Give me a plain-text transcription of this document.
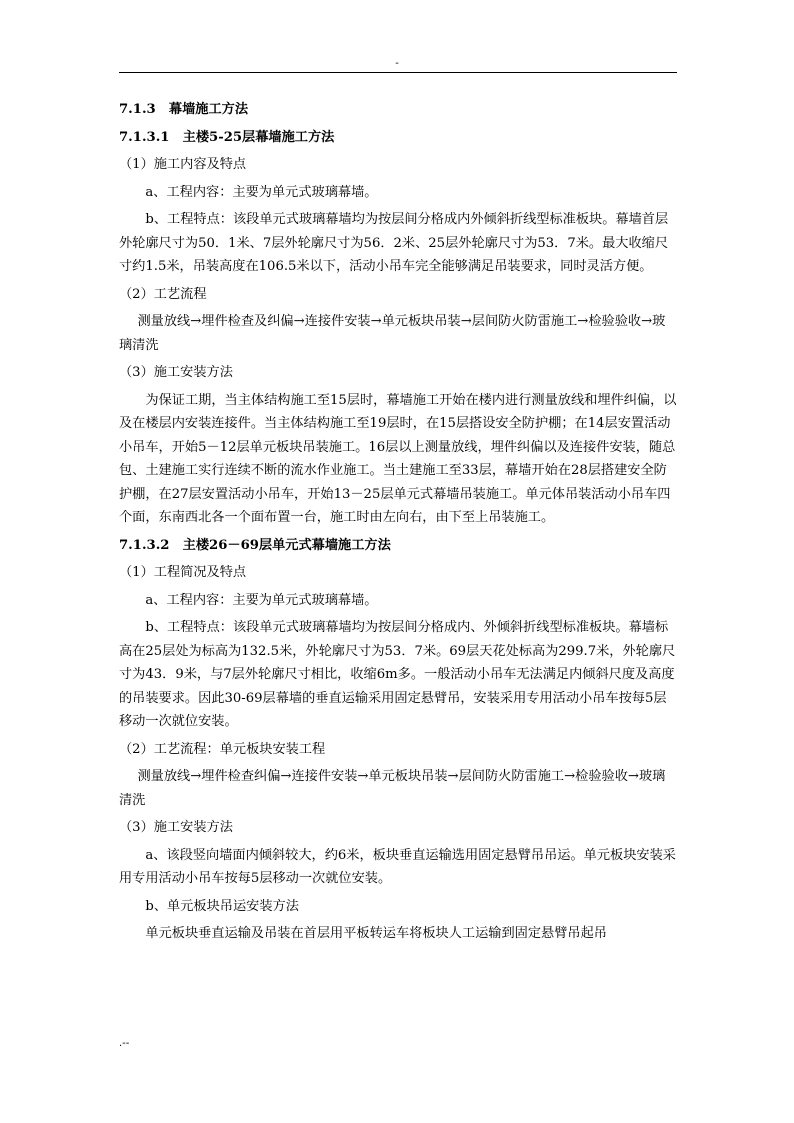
-

7.1.3　幕墙施工方法

7.1.3.1　主楼5-25层幕墙施工方法

（1）施工内容及特点

a、工程内容：主要为单元式玻璃幕墙。

b、工程特点：该段单元式玻璃幕墙均为按层间分格成内外倾斜折线型标准板块。幕墙首层外轮廓尺寸为50．1米、7层外轮廓尺寸为56．2米、25层外轮廓尺寸为53．7米。最大收缩尺寸约1.5米，吊装高度在106.5米以下，活动小吊车完全能够满足吊装要求，同时灵活方便。

（2）工艺流程

测量放线→埋件检查及纠偏→连接件安装→单元板块吊装→层间防火防雷施工→检验验收→玻璃清洗

（3）施工安装方法

为保证工期，当主体结构施工至15层时，幕墙施工开始在楼内进行测量放线和埋件纠偏，以及在楼层内安装连接件。当主体结构施工至19层时，在15层搭设安全防护棚；在14层安置活动小吊车，开始5－12层单元板块吊装施工。16层以上测量放线，埋件纠偏以及连接件安装，随总包、土建施工实行连续不断的流水作业施工。当土建施工至33层，幕墙开始在28层搭建安全防护棚，在27层安置活动小吊车，开始13－25层单元式幕墙吊装施工。单元体吊装活动小吊车四个面，东南西北各一个面布置一台，施工时由左向右，由下至上吊装施工。

7.1.3.2　主楼26－69层单元式幕墙施工方法

（1）工程简况及特点

a、工程内容：主要为单元式玻璃幕墙。

b、工程特点：该段单元式玻璃幕墙均为按层间分格成内、外倾斜折线型标准板块。幕墙标高在25层处为标高为132.5米，外轮廓尺寸为53．7米。69层天花处标高为299.7米，外轮廓尺寸为43．9米，与7层外轮廓尺寸相比，收缩6m多。一般活动小吊车无法满足内倾斜尺度及高度的吊装要求。因此30-69层幕墙的垂直运输采用固定悬臂吊，安装采用专用活动小吊车按每5层移动一次就位安装。

（2）工艺流程：单元板块安装工程

测量放线→埋件检查纠偏→连接件安装→单元板块吊装→层间防火防雷施工→检验验收→玻璃清洗

（3）施工安装方法

a、该段竖向墙面内倾斜较大，约6米，板块垂直运输选用固定悬臂吊吊运。单元板块安装采用专用活动小吊车按每5层移动一次就位安装。

b、单元板块吊运安装方法

单元板块垂直运输及吊装在首层用平板转运车将板块人工运输到固定悬臂吊起吊

.--
